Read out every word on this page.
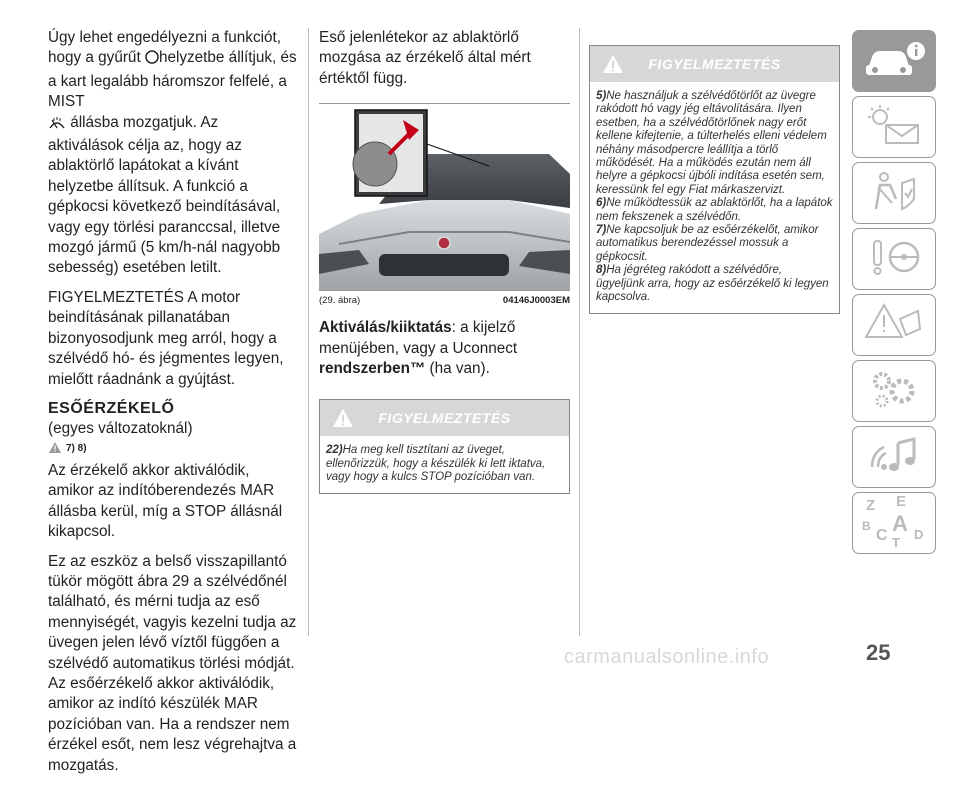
Úgy lehet engedélyezni a funkciót, hogy a gyűrűt helyzetbe állítjuk, és a kart legalább háromszor felfelé, a MIST
állásba mozgatjuk. Az aktiválások célja az, hogy az ablaktörlő lapátokat a kívánt helyzetbe állítsuk. A funkció a gépkocsi következő beindításával, vagy egy törlési paranccsal, illetve mozgó jármű (5 km/h-nál nagyobb sebesség) esetében letilt.

FIGYELMEZTETÉS A motor beindításának pillanatában bizonyosodjunk meg arról, hogy a szélvédő hó- és jégmentes legyen, mielőtt ráadnánk a gyújtást.

ESŐÉRZÉKELŐ
(egyes változatoknál)
7) 8)

Az érzékelő akkor aktiválódik, amikor az indítóberendezés MAR állásba kerül, míg a STOP állásnál kikapcsol.

Ez az eszköz a belső visszapillantó tükör mögött ábra 29 a szélvédőnél található, és mérni tudja az eső mennyiségét, vagyis kezelni tudja az üvegen jelen lévő víztől függően a szélvédő automatikus törlési módját. Az esőérzékelő akkor aktiválódik, amikor az indító készülék MAR pozícióban van. Ha a rendszer nem érzékel esőt, nem lesz végrehajtva a mozgatás.

Eső jelenlétekor az ablaktörlő mozgása az érzékelő által mért értéktől függ.

(29. ábra)	04146J0003EM

Aktiválás/kiiktatás: a kijelző menüjében, vagy a Uconnect
rendszerben™ (ha van).

FIGYELMEZTETÉS
22)Ha meg kell tisztítani az üveget, ellenőrizzük, hogy a készülék ki lett iktatva, vagy hogy a kulcs STOP pozícióban van.
FIGYELMEZTETÉS
5)Ne használjuk a szélvédőtörlőt az üvegre rakódott hó vagy jég eltávolítására. Ilyen esetben, ha a szélvédőtörlőnek nagy erőt kellene kifejtenie, a túlterhelés elleni védelem néhány másodpercre leállítja a törlő működését. Ha a működés ezután nem áll helyre a gépkocsi újbóli indítása esetén sem, keressünk fel egy Fiat márkaszervizt.
6)Ne működtessük az ablaktörlőt, ha a lapátok nem fekszenek a szélvédőn.
7)Ne kapcsoljuk be az esőérzékelőt, amikor automatikus berendezéssel mossuk a gépkocsit.
8)Ha jégréteg rakódott a szélvédőre, ügyeljünk arra, hogy az esőérzékelő ki legyen kapcsolva.
Z E
B A
C D
T
25
carmanualsonline.info
